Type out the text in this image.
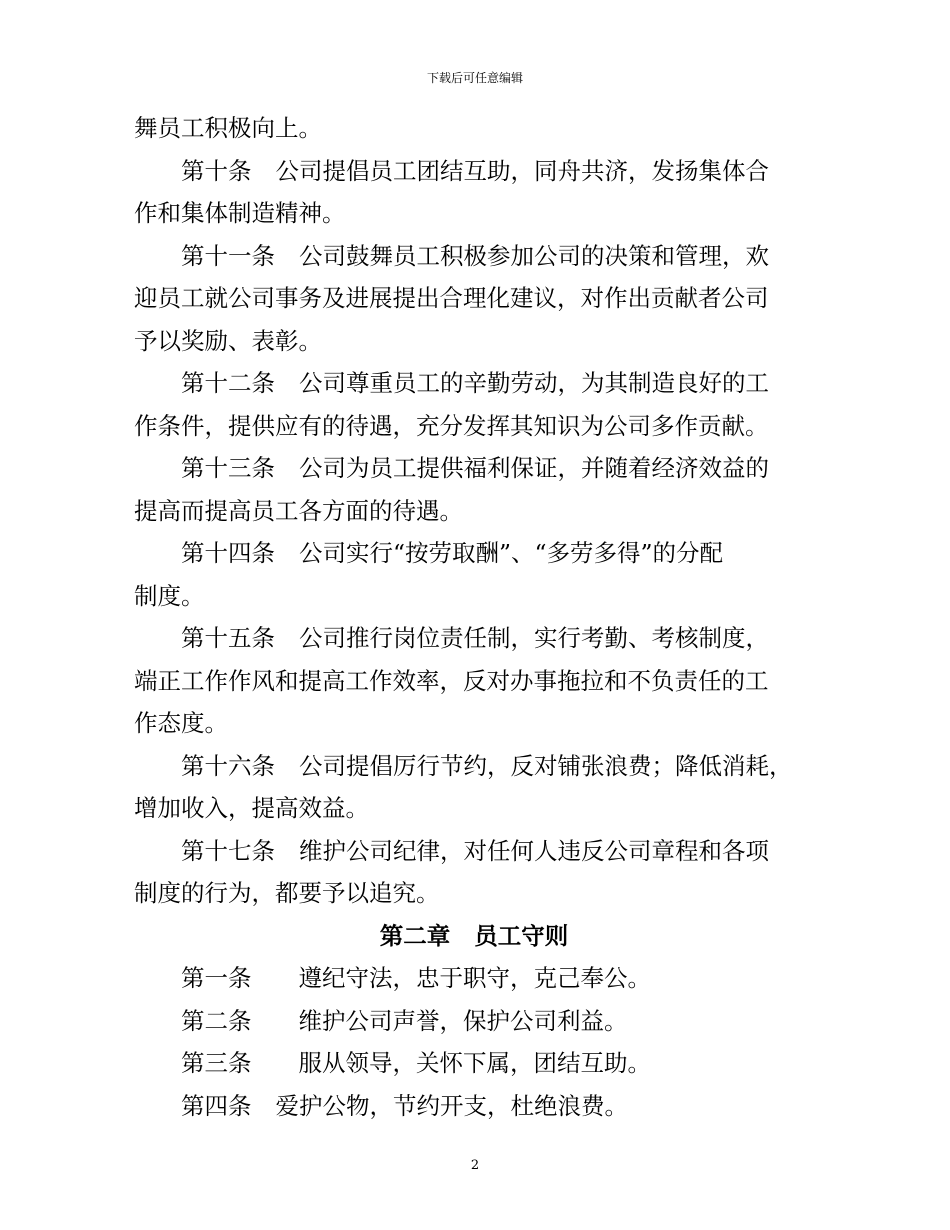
下载后可任意编辑
舞员工积极向上。
第十条 公司提倡员工团结互助，同舟共济，发扬集体合
作和集体制造精神。
第十一条 公司鼓舞员工积极参加公司的决策和管理，欢
迎员工就公司事务及进展提出合理化建议，对作出贡献者公司
予以奖励、表彰。
第十二条 公司尊重员工的辛勤劳动，为其制造良好的工
作条件，提供应有的待遇，充分发挥其知识为公司多作贡献。
第十三条 公司为员工提供福利保证，并随着经济效益的
提高而提高员工各方面的待遇。
第十四条 公司实行“按劳取酬”、“多劳多得”的分配
制度。
第十五条 公司推行岗位责任制，实行考勤、考核制度，
端正工作作风和提高工作效率，反对办事拖拉和不负责任的工
作态度。
第十六条 公司提倡厉行节约，反对铺张浪费；降低消耗，
增加收入，提高效益。
第十七条 维护公司纪律，对任何人违反公司章程和各项
制度的行为，都要予以追究。
第二章 员工守则
第一条 遵纪守法，忠于职守，克己奉公。
第二条 维护公司声誉，保护公司利益。
第三条 服从领导，关怀下属，团结互助。
第四条 爱护公物，节约开支，杜绝浪费。
2
